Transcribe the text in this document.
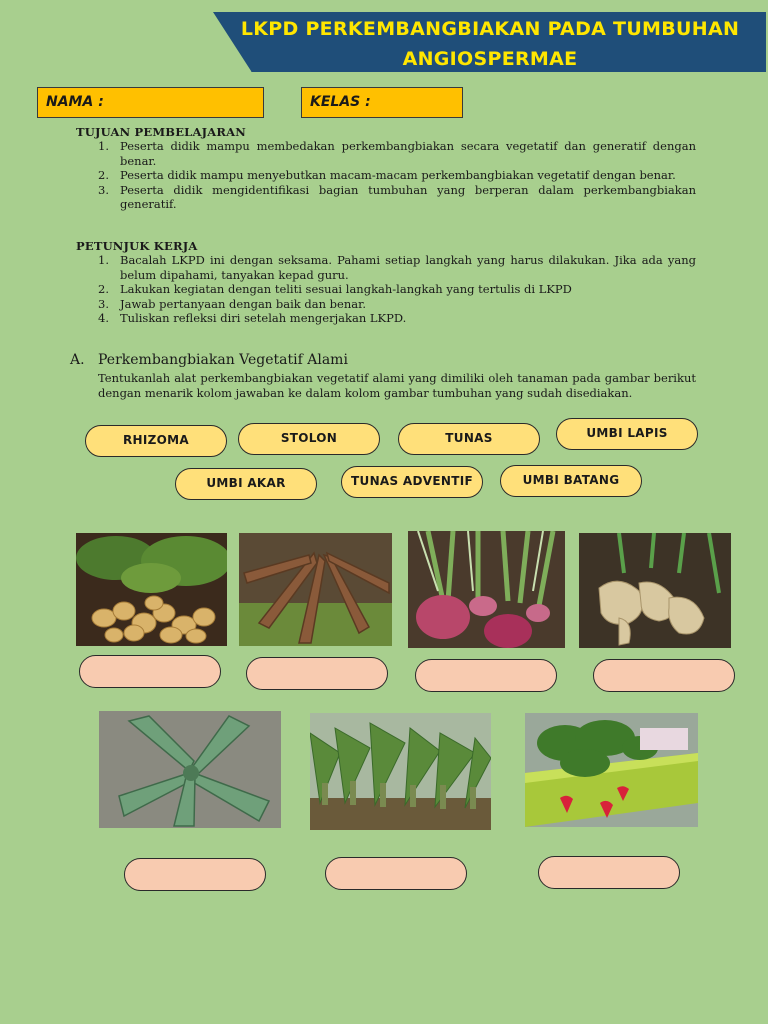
LKPD PERKEMBANGBIAKAN PADA TUMBUHAN
ANGIOSPERMAE
NAMA :	KELAS :
TUJUAN PEMBELAJARAN
1. Peserta didik mampu membedakan perkembangbiakan secara vegetatif dan generatif dengan benar.
2. Peserta didik mampu menyebutkan macam-macam perkembangbiakan vegetatif dengan benar.
3. Peserta didik mengidentifikasi bagian tumbuhan yang berperan dalam perkembangbiakan generatif.
PETUNJUK KERJA
1. Bacalah LKPD ini dengan seksama. Pahami setiap langkah yang harus dilakukan. Jika ada yang belum dipahami, tanyakan kepad guru.
2. Lakukan kegiatan dengan teliti sesuai langkah-langkah yang tertulis di LKPD
3. Jawab pertanyaan dengan baik dan benar.
4. Tuliskan refleksi diri setelah mengerjakan LKPD.
A. Perkembangbiakan Vegetatif Alami
Tentukanlah alat perkembangbiakan vegetatif alami yang dimiliki oleh tanaman pada gambar berikut dengan menarik kolom jawaban ke dalam kolom gambar tumbuhan yang sudah disediakan.
RHIZOMA	STOLON	TUNAS	UMBI LAPIS
UMBI AKAR	TUNAS ADVENTIF	UMBI BATANG
